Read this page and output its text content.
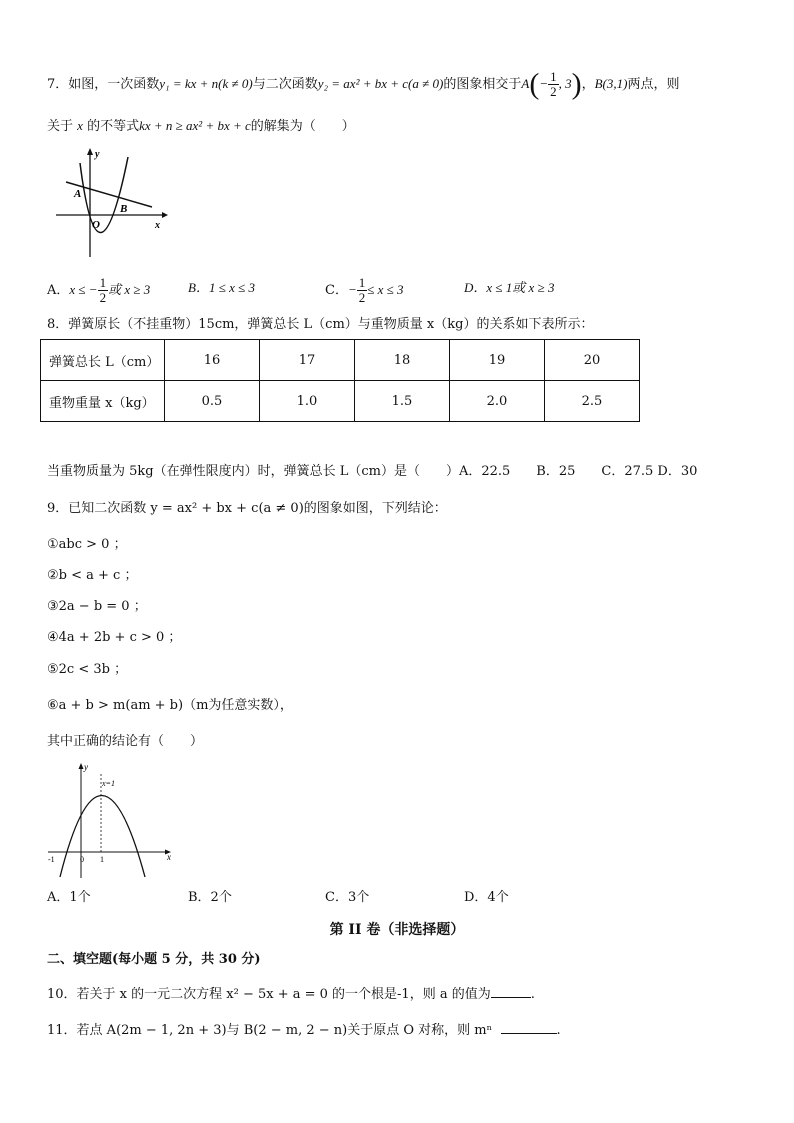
7．如图，一次函数y₁ = kx + n(k ≠ 0)与二次函数y₂ = ax² + bx + c(a ≠ 0)的图象相交于$A(- \frac{1}{2}$ , 3)，B(3,1)两点，则
关于 x 的不等式kx + n ≥ ax² + bx + c的解集为（　　）
y
x
A
O
B
A．x ≤ − $\frac{1}{2}$ 或 x ≥ 3	B．1 ≤ x ≤ 3	C．− $\frac{1}{2} \le x \le 3$	D．x ≤ 1或 x ≥ 3
8．弹簧原长（不挂重物）15cm，弹簧总长 L（cm）与重物质量 x（kg）的关系如下表所示：
弹簧总长 L（cm）	16	17	18	19	20
重物重量 x（kg）	0.5	1.0	1.5	2.0	2.5
当重物质量为 5kg（在弹性限度内）时，弹簧总长 L（cm）是（　　）A．22.5　　B．25　　C．27.5 D．30
9．已知二次函数 y = ax² + bx + c(a ≠ 0)的图象如图，下列结论：
①abc > 0 ；
②b < a + c ；
③2a − b = 0 ；
④4a + 2b + c > 0 ；
⑤2c < 3b ；
⑥a + b > m(am + b)（m为任意实数），
其中正确的结论有（　　）
y
x
x=1
-1	0 1
A．1个	B．2个	C．3个	D．4个
第 II 卷（非选择题）
二、填空题(每小题 5 分，共 30 分)
10．若关于 x 的一元二次方程 x² − 5x + a = 0 的一个根是-1，则 a 的值为	.
11．若点 A(2m − 1, 2n + 3)与 B(2 − m, 2 − n)关于原点 O 对称，则 mⁿ	.
